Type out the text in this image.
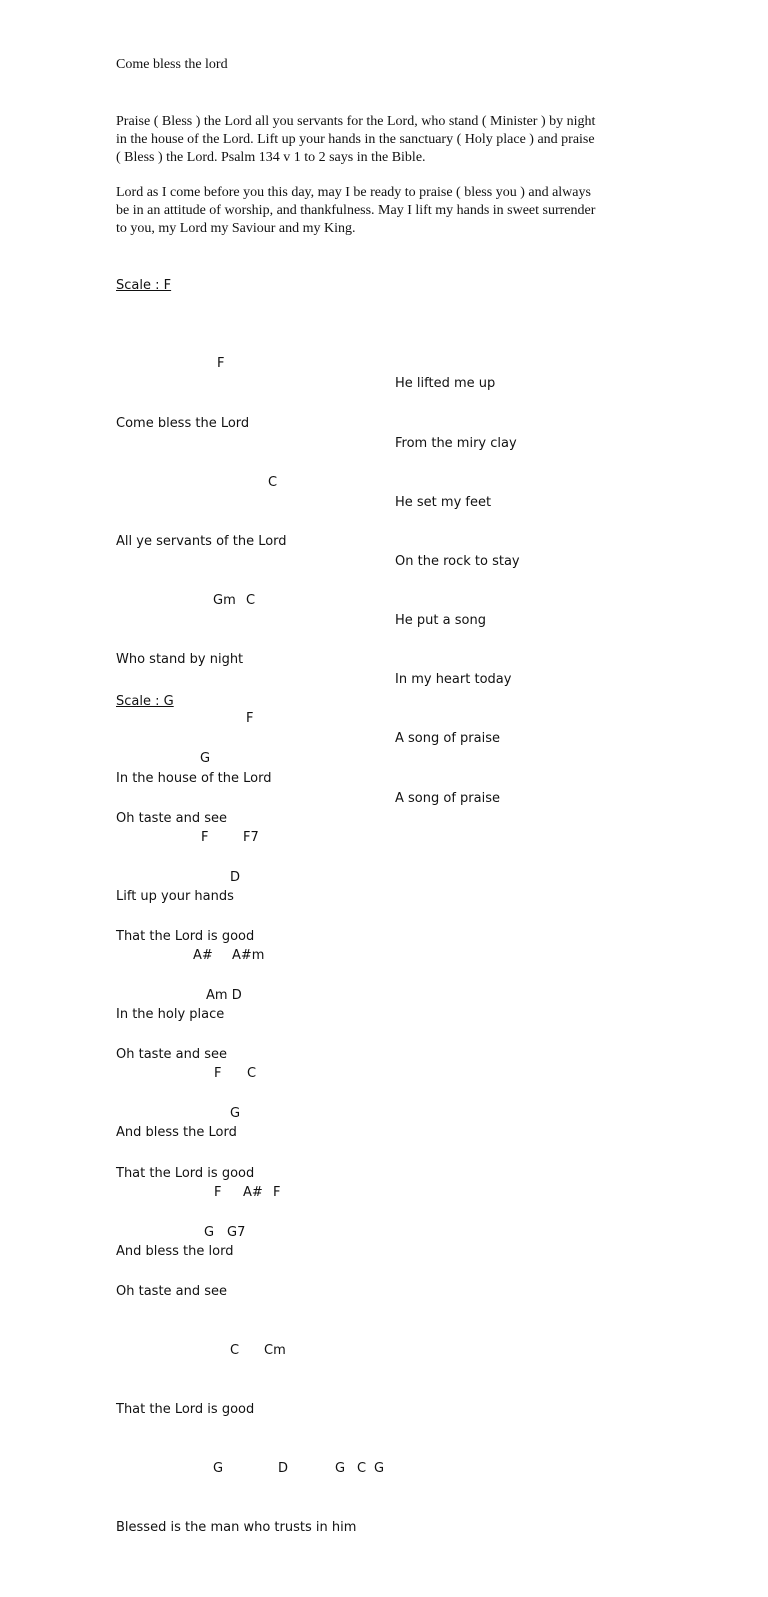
Come bless the lord
Praise ( Bless ) the Lord all you servants for the Lord, who stand ( Minister ) by night
in the house of the Lord. Lift up your hands in the sanctuary ( Holy place ) and praise
( Bless ) the Lord. Psalm 134 v 1 to 2 says in the Bible.
Lord as I come before you this day, may I be ready to praise ( bless you ) and always
be in an attitude of worship, and thankfulness. May I lift my hands in sweet surrender
to you, my Lord my Saviour and my King.
Scale : F

F

Come bless the Lord

C

All ye servants of the Lord

Gm

C

Who stand by night

F

In the house of the Lord

F

	F7

Lift up your hands

A#

A#m

In the holy place

F

C

And bless the Lord

F

A#

F

And bless the lord

He lifted me up

From the miry clay

He set my feet

On the rock to stay

He put a song

In my heart today

A song of praise

A song of praise

Scale : G

G

Oh taste and see

D

That the Lord is good

Am D

Oh taste and see

G

That the Lord is good

G

G7

Oh taste and see

C

Cm

That the Lord is good

G

	D

	G

C

G

Blessed is the man who trusts in him
